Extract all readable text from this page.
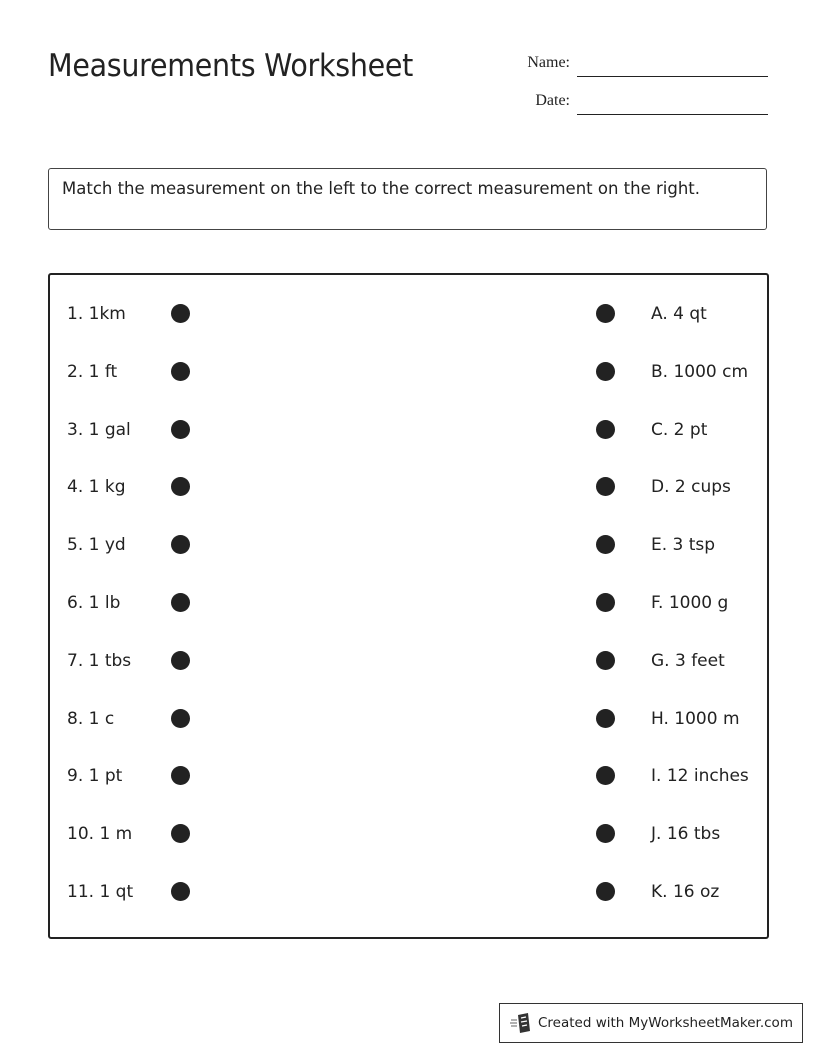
Measurements Worksheet	Name:
Date:
Match the measurement on the left to the correct measurement on the right.
1. 1km	A. 4 qt
2. 1 ft	B. 1000 cm
3. 1 gal	C. 2 pt
4. 1 kg	D. 2 cups
5. 1 yd	E. 3 tsp
6. 1 lb	F. 1000 g
7. 1 tbs	G. 3 feet
8. 1 c	H. 1000 m
9. 1 pt	I. 12 inches
10. 1 m	J. 16 tbs
11. 1 qt	K. 16 oz
Created with MyWorksheetMaker.com
